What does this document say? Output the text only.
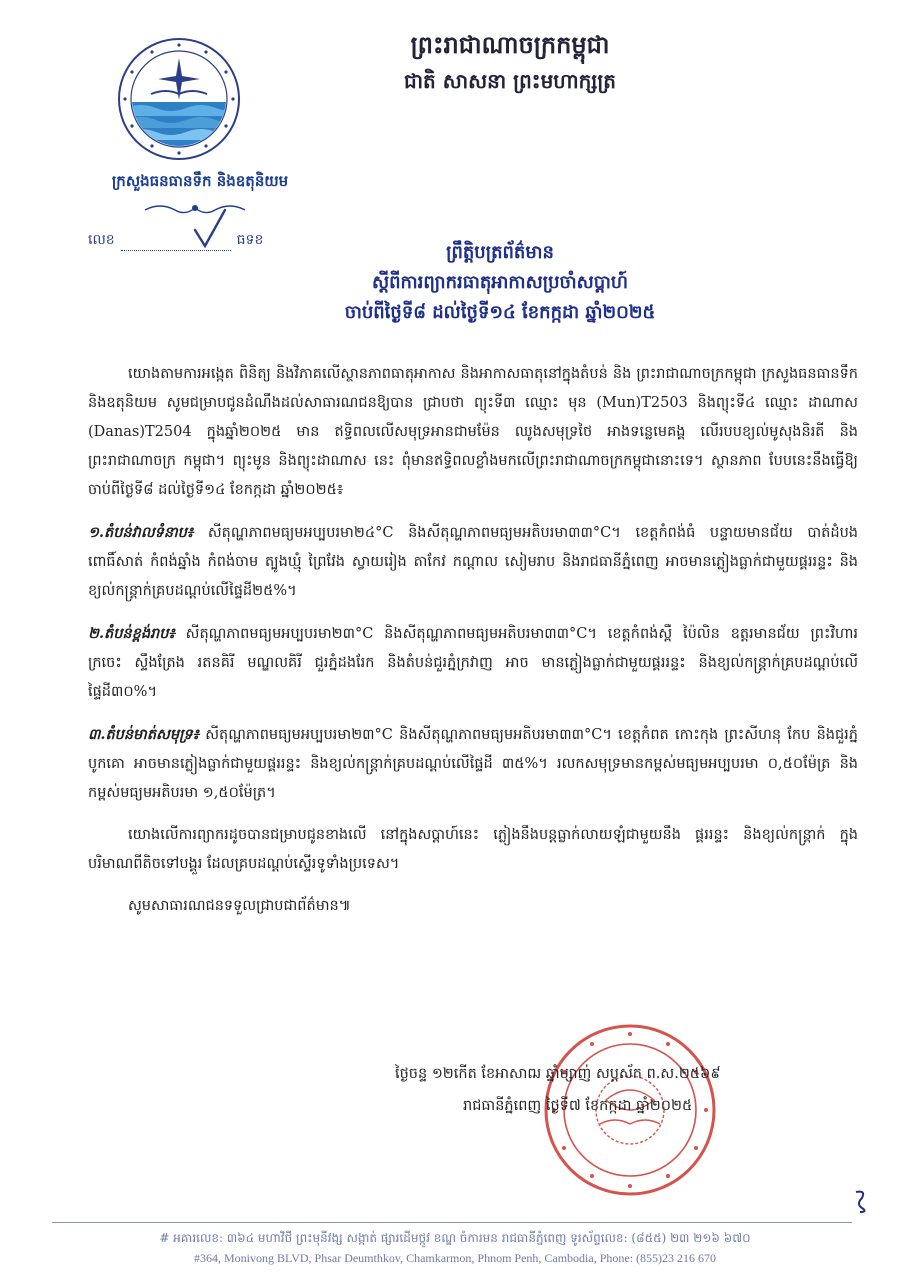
ព្រះរាជាណាចក្រកម្ពុជា
ជាតិ សាសនា ព្រះមហាក្សត្រ
ក្រសួងធនធានទឹក និងឧតុនិយម
លេខ	ធទខ
ព្រឹត្តិបត្រព័ត៌មាន
ស្តីពីការព្យាករធាតុអាកាសប្រចាំសប្តាហ៍
ចាប់ពីថ្ងៃទី៨ ដល់ថ្ងៃទី១៤ ខែកក្កដា ឆ្នាំ២០២៥

យោងតាមការអង្កេត ពិនិត្យ និងវិភាគលើស្ថានភាពធាតុអាកាស និងអាកាសធាតុនៅក្នុងតំបន់ និង ព្រះរាជាណាចក្រកម្ពុជា ក្រសួងធនធានទឹក និងឧតុនិយម សូមជម្រាបជូនដំណឹងដល់សាធារណជនឱ្យបាន ជ្រាបថា ព្យុះទី៣ ឈ្មោះ មុន (Mun)T2503 និងព្យុះទី៤ ឈ្មោះ ដាណាស (Danas)T2504 ក្នុងឆ្នាំ២០២៥ មាន ឥទ្ធិពលលើសមុទ្រអានជាមម៉ែន ឈូងសមុទ្រថៃ អាងទន្លេមេគង្គ លើរបបខ្យល់មូសុងនិរតី និងព្រះរាជាណាចក្រ កម្ពុជា។ ព្យុះមូន និងព្យុះដាណាស នេះ ពុំមានឥទ្ធិពលខ្លាំងមកលើព្រះរាជាណាចក្រកម្ពុជានោះទេ។ ស្ថានភាព បែបនេះនឹងធ្វើឱ្យ ចាប់ពីថ្ងៃទី៨ ដល់ថ្ងៃទី១៤ ខែកក្កដា ឆ្នាំ២០២៥៖

១.តំបន់វាលទំនាប៖ សីតុណ្ហភាពមធ្យមអប្បបរមា២៤°C និងសីតុណ្ហភាពមធ្យមអតិបរមា៣៣°C។ ខេត្តកំពង់ធំ បន្ទាយមានជ័យ បាត់ដំបង ពោធិ៍សាត់ កំពង់ឆ្នាំង កំពង់ចាម ត្បូងឃ្មុំ ព្រៃវែង ស្វាយរៀង តាកែវ កណ្តាល សៀមរាប និងរាជធានីភ្នំពេញ អាចមានភ្លៀងធ្លាក់ជាមួយផ្គររន្ទះ និងខ្យល់កន្ត្រាក់គ្របដណ្តប់លើផ្ទៃដី២៥%។

២.តំបន់ខ្ពង់រាប៖ សីតុណ្ហភាពមធ្យមអប្បបរមា២៣°C និងសីតុណ្ហភាពមធ្យមអតិបរមា៣៣°C។ ខេត្តកំពង់ស្ពឺ ប៉ៃលិន ឧត្តរមានជ័យ ព្រះវិហារ ក្រចេះ ស្ទឹងត្រែង រតនគិរី មណ្ឌលគិរី ជួរភ្នំដងរែក និងតំបន់ជួរភ្នំក្រវាញ អាច មានភ្លៀងធ្លាក់ជាមួយផ្គររន្ទះ និងខ្យល់កន្ត្រាក់គ្របដណ្តប់លើផ្ទៃដី៣០%។

៣.តំបន់មាត់សមុទ្រ៖ សីតុណ្ហភាពមធ្យមអប្បបរមា២៣°C និងសីតុណ្ហភាពមធ្យមអតិបរមា៣៣°C។ ខេត្តកំពត កោះកុង ព្រះសីហនុ កែប និងជួរភ្នំបូកគោ អាចមានភ្លៀងធ្លាក់ជាមួយផ្គររន្ទះ និងខ្យល់កន្ត្រាក់គ្របដណ្តប់លើផ្ទៃដី ៣៥%។ រលកសមុទ្រមានកម្ពស់មធ្យមអប្បបរមា ០,៥០ម៉ែត្រ និងកម្ពស់មធ្យមអតិបរមា ១,៥០ម៉ែត្រ។

យោងលើការព្យាករដូចបានជម្រាបជូនខាងលើ នៅក្នុងសប្តាហ៍នេះ ភ្លៀងនឹងបន្តធ្លាក់លាយឡំជាមួយនឹង ផ្គររន្ទះ និងខ្យល់កន្ត្រាក់ ក្នុងបរិមាណពីតិចទៅបង្គួរ ដែលគ្របដណ្តប់ស្ទើរទូទាំងប្រទេស។

សូមសាធារណជនទទួលជ្រាបជាព័ត៌មាន៕

ថ្ងៃចន្ទ ១២កើត ខែអាសាឍ ឆ្នាំម្សាញ់ សប្តស័ក ព.ស.២៥៦៩
រាជធានីភ្នំពេញ ថ្ងៃទី៧ ខែកក្កដា ឆ្នាំ២០២៥
# អគារលេខ: ៣៦៤ មហាវិថី ព្រះមុនីវង្ស សង្កាត់ ផ្សារដើមថ្កូវ ខណ្ឌ ចំការមន រាជធានីភ្នំពេញ ទូរស័ព្ទលេខ: (៨៥៥) ២៣ ២១៦ ៦៧០
#364, Monivong BLVD, Phsar Deumthkov, Chamkarmon, Phnom Penh, Cambodia, Phone: (855)23 216 670
